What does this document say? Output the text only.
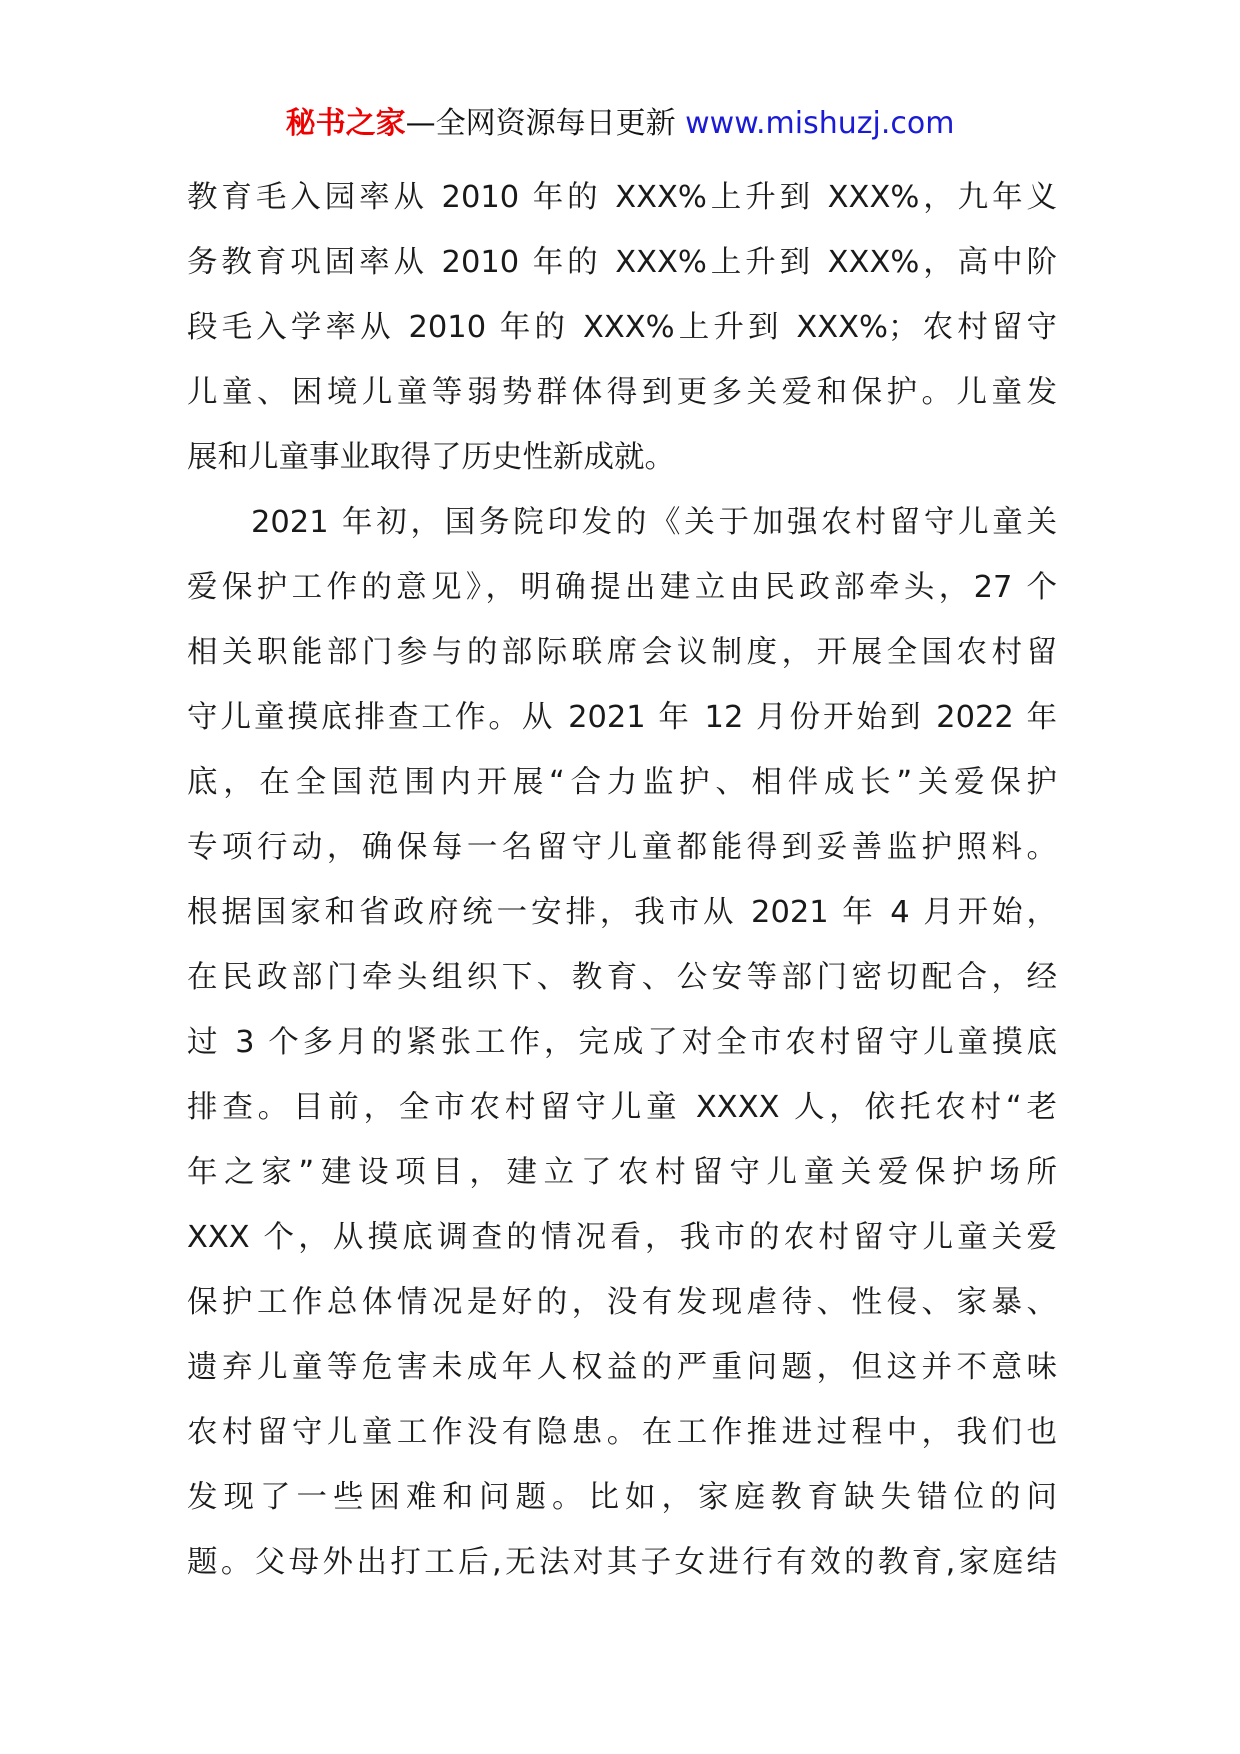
秘书之家—全网资源每日更新 www.mishuzj.com
教育毛入园率从 2010 年的 XXX%上升到 XXX%，九年义
务教育巩固率从 2010 年的 XXX%上升到 XXX%，高中阶
段毛入学率从 2010 年的 XXX%上升到 XXX%；农村留守
儿童、困境儿童等弱势群体得到更多关爱和保护。儿童发
展和儿童事业取得了历史性新成就。
2021 年初，国务院印发的《关于加强农村留守儿童关
爱保护工作的意见》，明确提出建立由民政部牵头，27 个
相关职能部门参与的部际联席会议制度，开展全国农村留
守儿童摸底排查工作。从 2021 年 12 月份开始到 2022 年
底，在全国范围内开展“合力监护、相伴成长”关爱保护
专项行动，确保每一名留守儿童都能得到妥善监护照料。
根据国家和省政府统一安排，我市从 2021 年 4 月开始，
在民政部门牵头组织下、教育、公安等部门密切配合，经
过 3 个多月的紧张工作，完成了对全市农村留守儿童摸底
排查。目前，全市农村留守儿童 XXXX 人，依托农村“老
年之家”建设项目，建立了农村留守儿童关爱保护场所
XXX 个，从摸底调查的情况看，我市的农村留守儿童关爱
保护工作总体情况是好的，没有发现虐待、性侵、家暴、
遗弃儿童等危害未成年人权益的严重问题，但这并不意味
农村留守儿童工作没有隐患。在工作推进过程中，我们也
发现了一些困难和问题。比如，家庭教育缺失错位的问
题。父母外出打工后,无法对其子女进行有效的教育,家庭结
